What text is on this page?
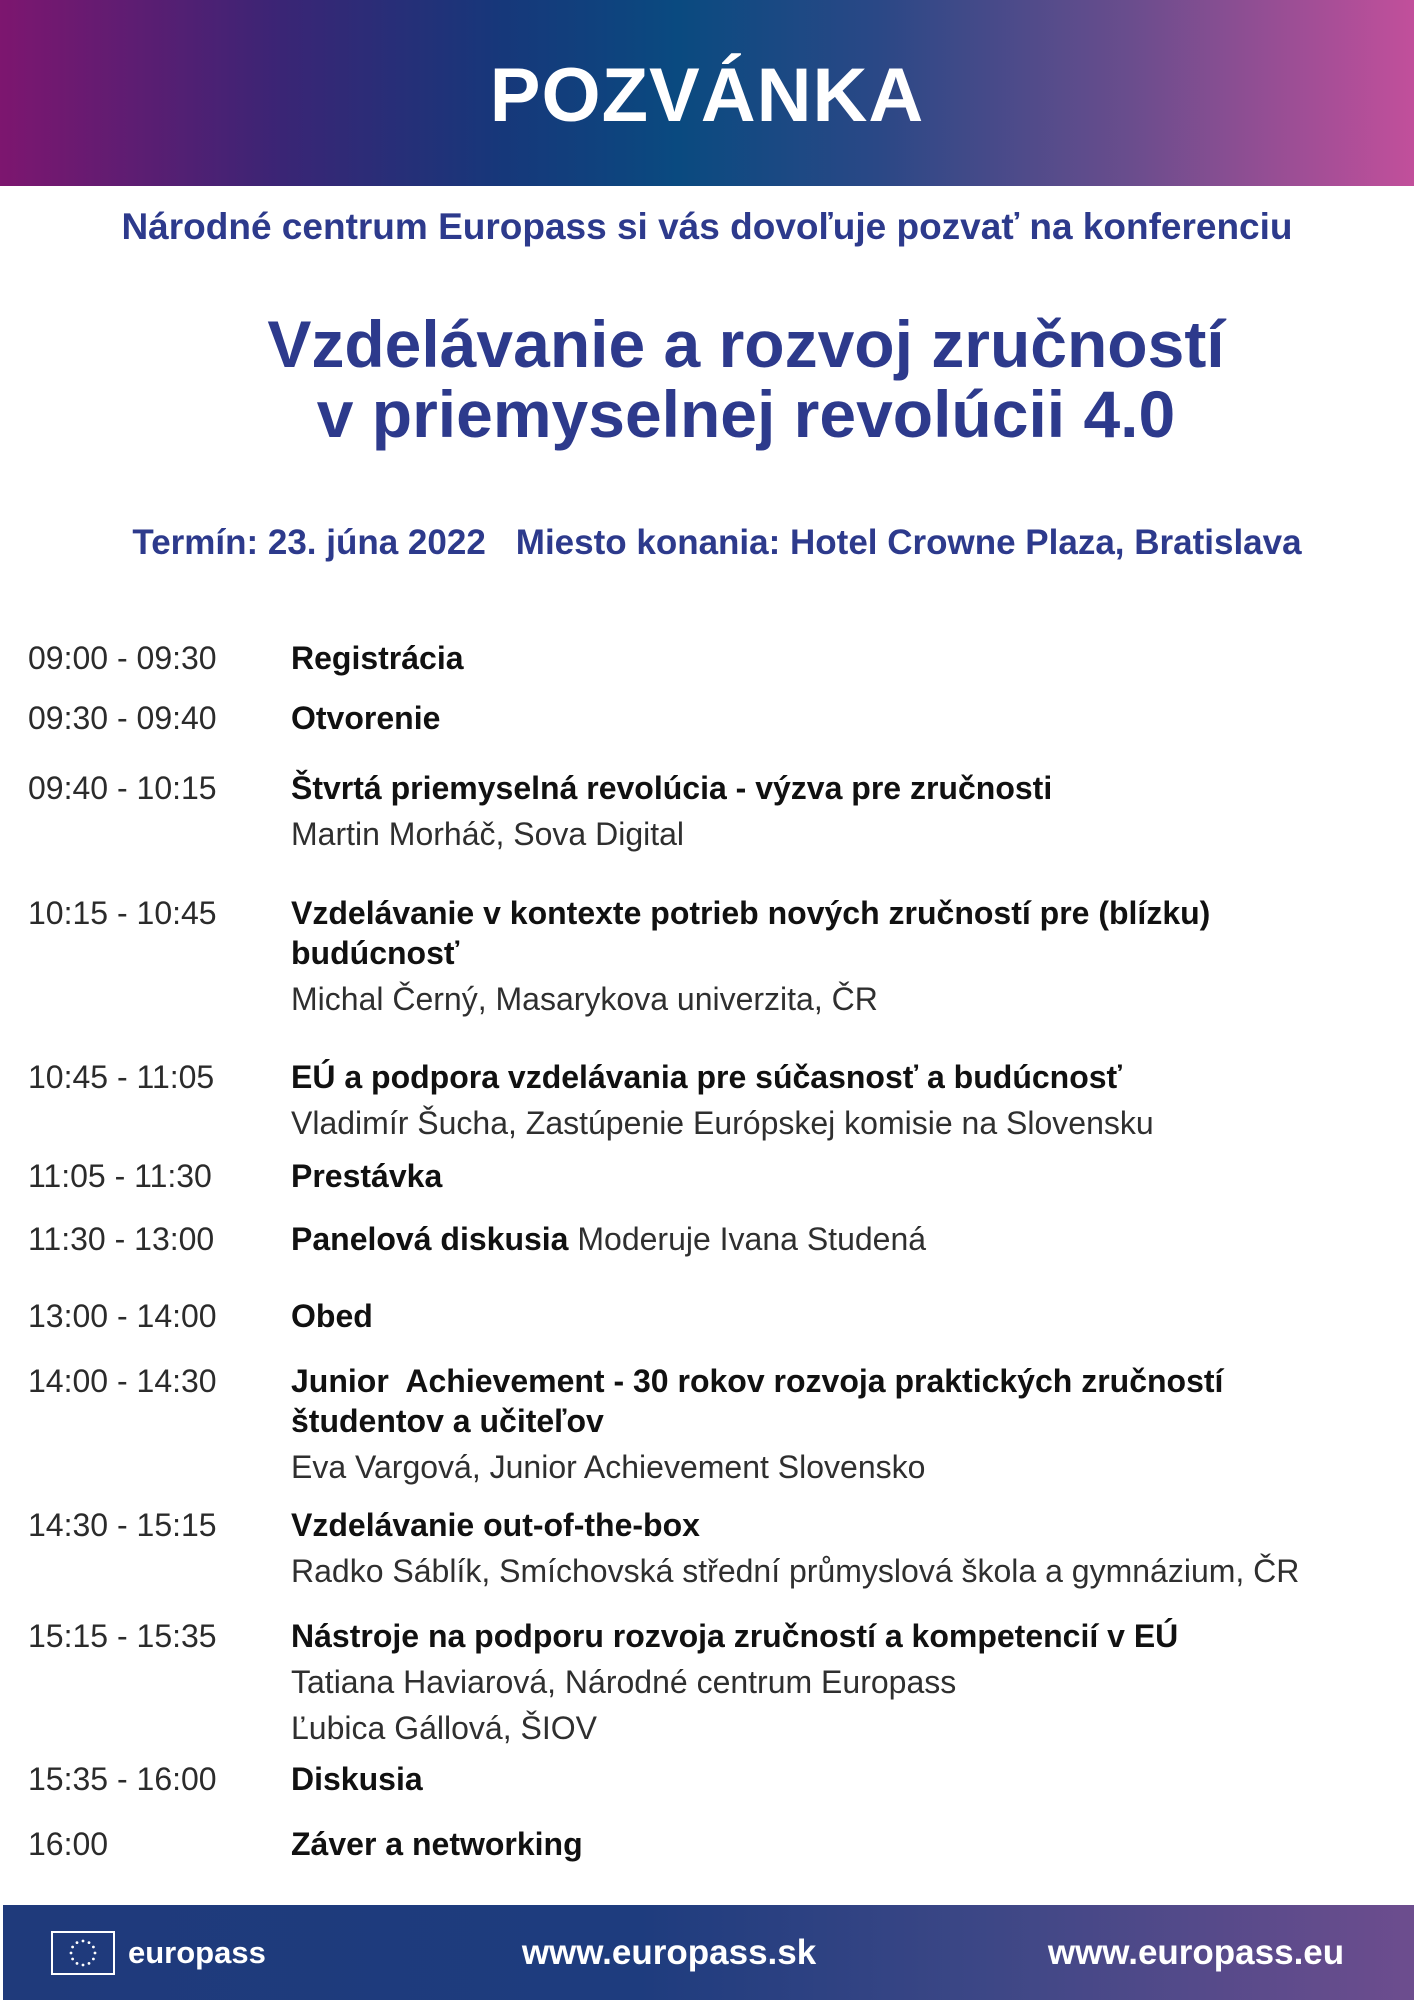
POZVÁNKA
Národné centrum Europass si vás dovoľuje pozvať na konferenciu
Vzdelávanie a rozvoj zručností
v priemyselnej revolúcii 4.0
Termín: 23. júna 2022 Miesto konania: Hotel Crowne Plaza, Bratislava
09:00 - 09:30 Registrácia
09:30 - 09:40 Otvorenie
09:40 - 10:15 Štvrtá priemyselná revolúcia - výzva pre zručnosti
Martin Morháč, Sova Digital
10:15 - 10:45 Vzdelávanie v kontexte potrieb nových zručností pre (blízku)
budúcnosť
Michal Černý, Masarykova univerzita, ČR
10:45 - 11:05 EÚ a podpora vzdelávania pre súčasnosť a budúcnosť
Vladimír Šucha, Zastúpenie Európskej komisie na Slovensku
11:05 - 11:30 Prestávka
11:30 - 13:00 Panelová diskusia Moderuje Ivana Studená
13:00 - 14:00 Obed
14:00 - 14:30 Junior  Achievement - 30 rokov rozvoja praktických zručností
študentov a učiteľov
Eva Vargová, Junior Achievement Slovensko
14:30 - 15:15 Vzdelávanie out-of-the-box
Radko Sáblík, Smíchovská střední průmyslová škola a gymnázium, ČR
15:15 - 15:35 Nástroje na podporu rozvoja zručností a kompetencií v EÚ
Tatiana Haviarová, Národné centrum Europass
Ľubica Gállová, ŠIOV
15:35 - 16:00 Diskusia
16:00	Záver a networking
europass	www.europass.sk	www.europass.eu
